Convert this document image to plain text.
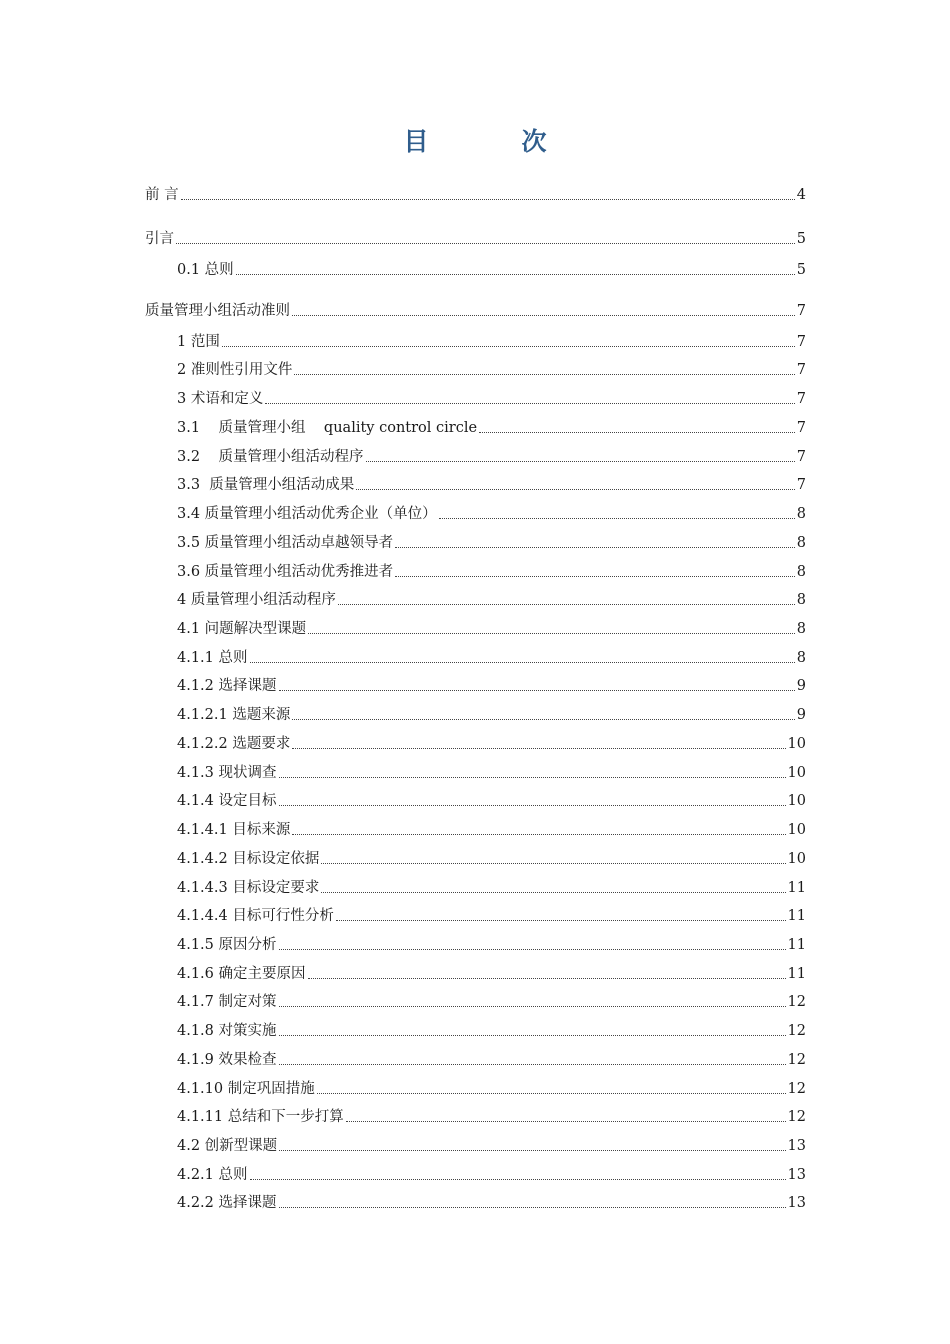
目　次
前 言	4
引言	5
0.1 总则	5
质量管理小组活动准则	7
1 范围	7
2 准则性引用文件	7
3 术语和定义	7
3.1    质量管理小组    quality control circle	7
3.2    质量管理小组活动程序	7
3.3  质量管理小组活动成果	7
3.4 质量管理小组活动优秀企业（单位）	8
3.5 质量管理小组活动卓越领导者	8
3.6 质量管理小组活动优秀推进者	8
4 质量管理小组活动程序	8
4.1 问题解决型课题	8
4.1.1 总则	8
4.1.2 选择课题	9
4.1.2.1 选题来源	9
4.1.2.2 选题要求	10
4.1.3 现状调查	10
4.1.4 设定目标	10
4.1.4.1 目标来源	10
4.1.4.2 目标设定依据	10
4.1.4.3 目标设定要求	11
4.1.4.4 目标可行性分析	11
4.1.5 原因分析	11
4.1.6 确定主要原因	11
4.1.7 制定对策	12
4.1.8 对策实施	12
4.1.9 效果检查	12
4.1.10 制定巩固措施	12
4.1.11 总结和下一步打算	12
4.2 创新型课题	13
4.2.1 总则	13
4.2.2 选择课题	13
